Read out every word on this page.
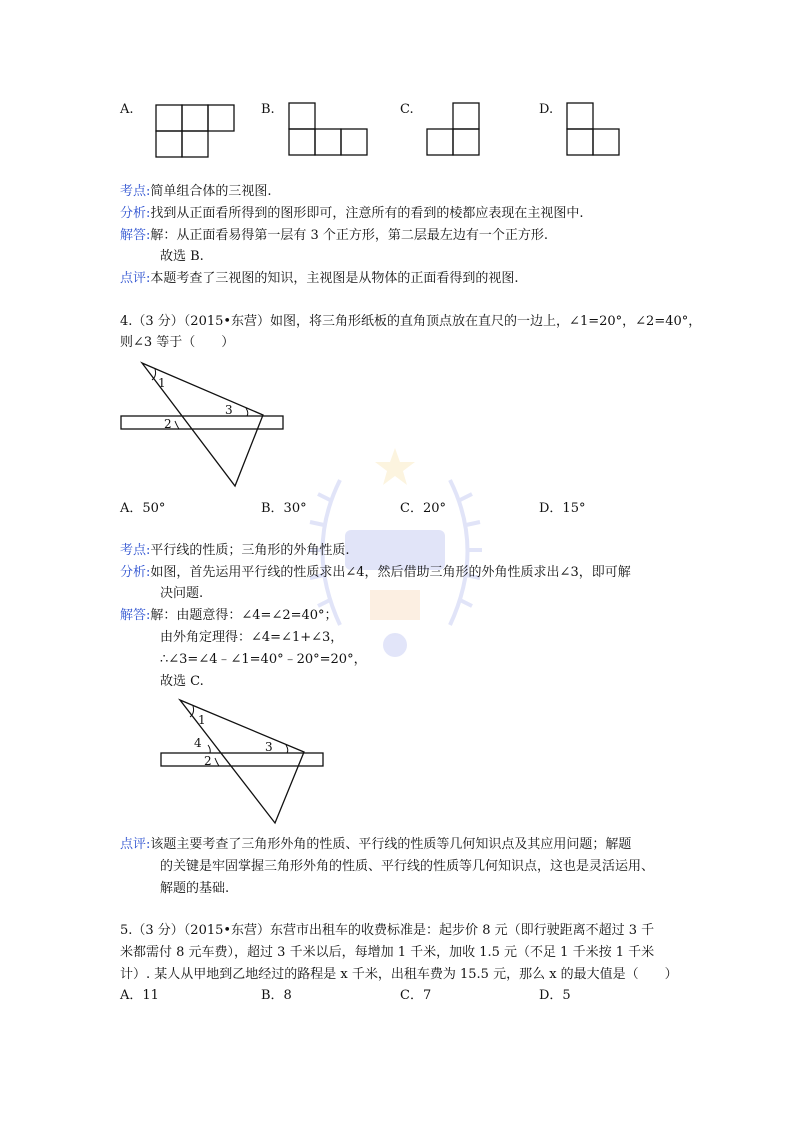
A.	B.	C.	D.
考点:简单组合体的三视图.
分析:找到从正面看所得到的图形即可，注意所有的看到的棱都应表现在主视图中.
解答:解：从正面看易得第一层有 3 个正方形，第二层最左边有一个正方形.
故选 B.
点评:本题考查了三视图的知识，主视图是从物体的正面看得到的视图.
4.（3 分）（2015•东营）如图，将三角形纸板的直角顶点放在直尺的一边上，∠1=20°，∠2=40°，
则∠3 等于（　　）
1
3
2
A．50°	B．30°	C．20°	D．15°
考点:平行线的性质；三角形的外角性质.
分析:如图，首先运用平行线的性质求出∠4，然后借助三角形的外角性质求出∠3，即可解
决问题.
解答:解：由题意得：∠4=∠2=40°；
由外角定理得：∠4=∠1+∠3，
∴∠3=∠4﹣∠1=40°﹣20°=20°，
故选 C.
1
4	3
2
点评:该题主要考查了三角形外角的性质、平行线的性质等几何知识点及其应用问题；解题
的关键是牢固掌握三角形外角的性质、平行线的性质等几何知识点，这也是灵活运用、
解题的基础.
5.（3 分）（2015•东营）东营市出租车的收费标准是：起步价 8 元（即行驶距离不超过 3 千
米都需付 8 元车费），超过 3 千米以后，每增加 1 千米，加收 1.5 元（不足 1 千米按 1 千米
计）. 某人从甲地到乙地经过的路程是 x 千米，出租车费为 15.5 元，那么 x 的最大值是（　　）
A．11	B．8	C．7	D．5
